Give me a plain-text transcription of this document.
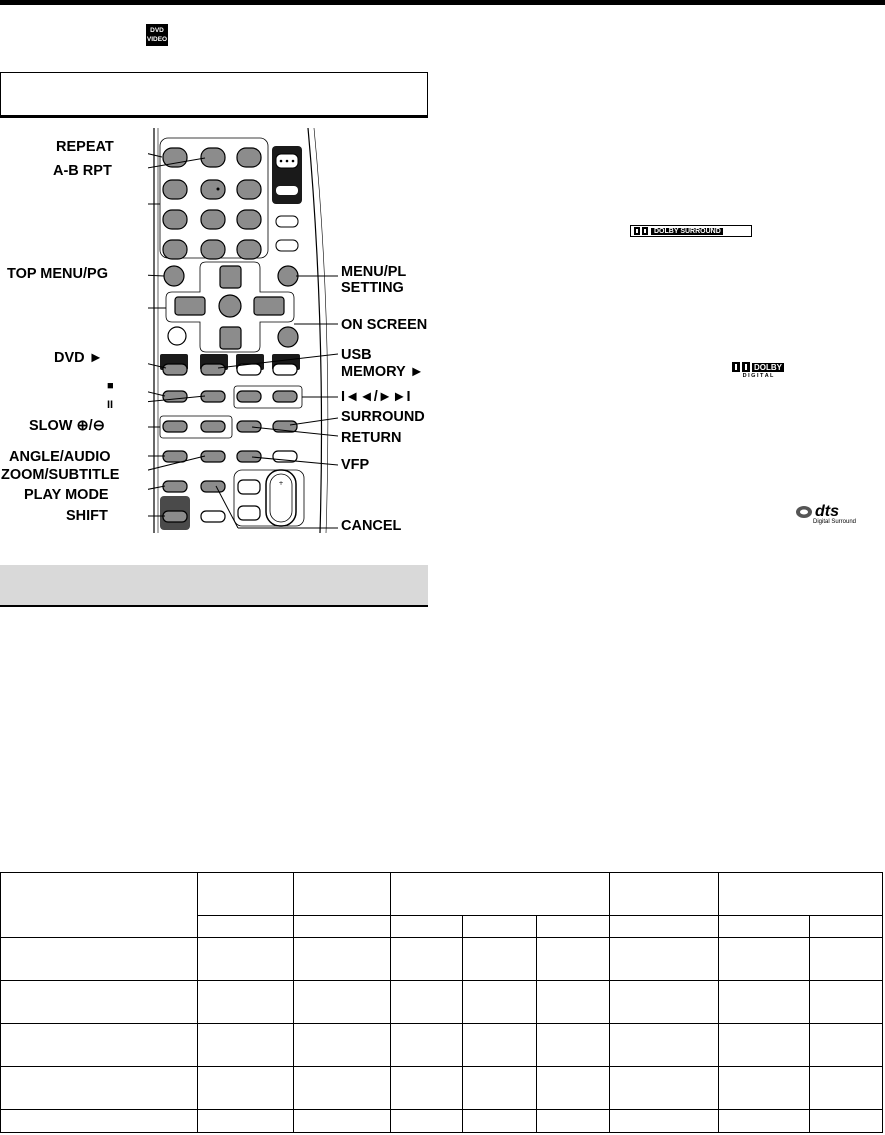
DVD
VIDEO
+
REPEAT
A-B RPT
TOP MENU/PG
DVD ►
■
II
SLOW ⊕/⊖
ANGLE/AUDIO
ZOOM/SUBTITLE
PLAY MODE
SHIFT
MENU/PL
SETTING
ON SCREEN
USB
MEMORY ►
I◄◄/►►I
SURROUND
RETURN
VFP
CANCEL
DOLBY SURROUND
DOLBY
D I G I T A L
dts
Digital Surround
